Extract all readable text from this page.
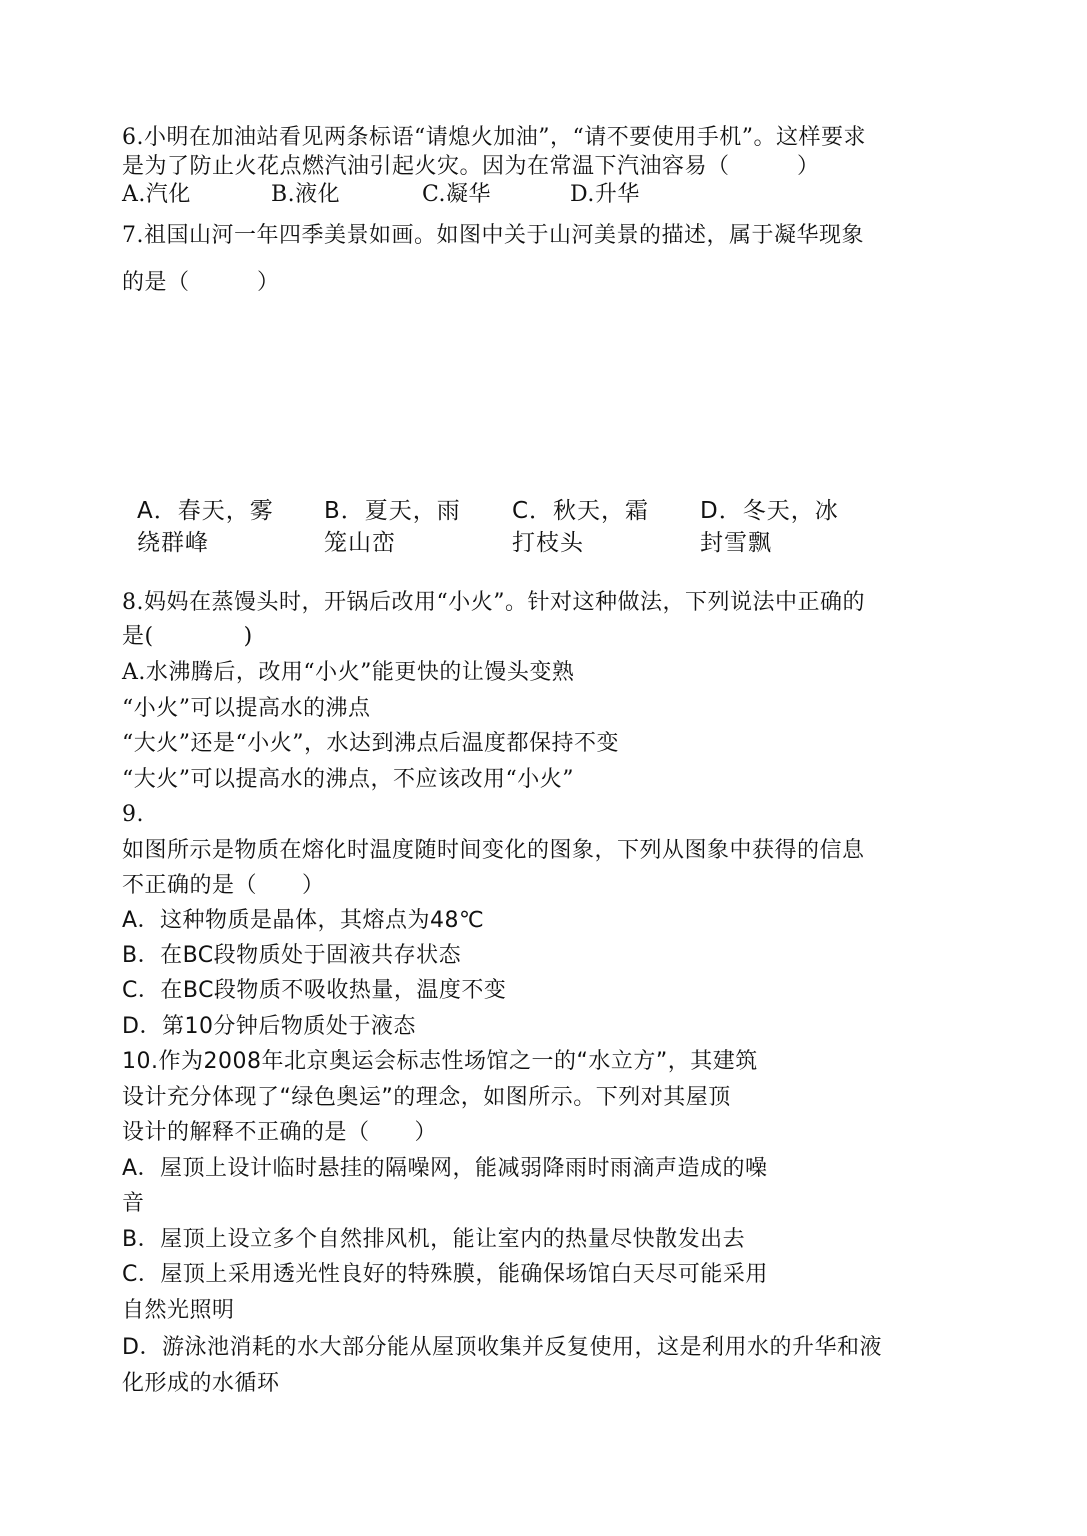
6.小明在加油站看见两条标语“请熄火加油”，“请不要使用手机”。这样要求
是为了防止火花点燃汽油引起火灾。因为在常温下汽油容易（　　　）
A.汽化	B.液化	C.凝华	D.升华
7.祖国山河一年四季美景如画。如图中关于山河美景的描述，属于凝华现象
的是（　　　）
A．春天，雾
绕群峰
B．夏天，雨
笼山峦
C．秋天，霜
打枝头
D．冬天，冰
封雪飘
8.妈妈在蒸馒头时，开锅后改用“小火”。针对这种做法，下列说法中正确的
是(　　　　)
A.水沸腾后，改用“小火”能更快的让馒头变熟
“小火”可以提高水的沸点
“大火”还是“小火”，水达到沸点后温度都保持不变
“大火”可以提高水的沸点，不应该改用“小火”
9.
如图所示是物质在熔化时温度随时间变化的图象，下列从图象中获得的信息
不正确的是（　　）
A．这种物质是晶体，其熔点为48℃
B．在BC段物质处于固液共存状态
C．在BC段物质不吸收热量，温度不变
D．第10分钟后物质处于液态
10.作为2008年北京奥运会标志性场馆之一的“水立方”，其建筑
设计充分体现了“绿色奥运”的理念，如图所示。下列对其屋顶
设计的解释不正确的是（　　）
A．屋顶上设计临时悬挂的隔噪网，能减弱降雨时雨滴声造成的噪
音
B．屋顶上设立多个自然排风机，能让室内的热量尽快散发出去
C．屋顶上采用透光性良好的特殊膜，能确保场馆白天尽可能采用
自然光照明
D．游泳池消耗的水大部分能从屋顶收集并反复使用，这是利用水的升华和液
化形成的水循环
